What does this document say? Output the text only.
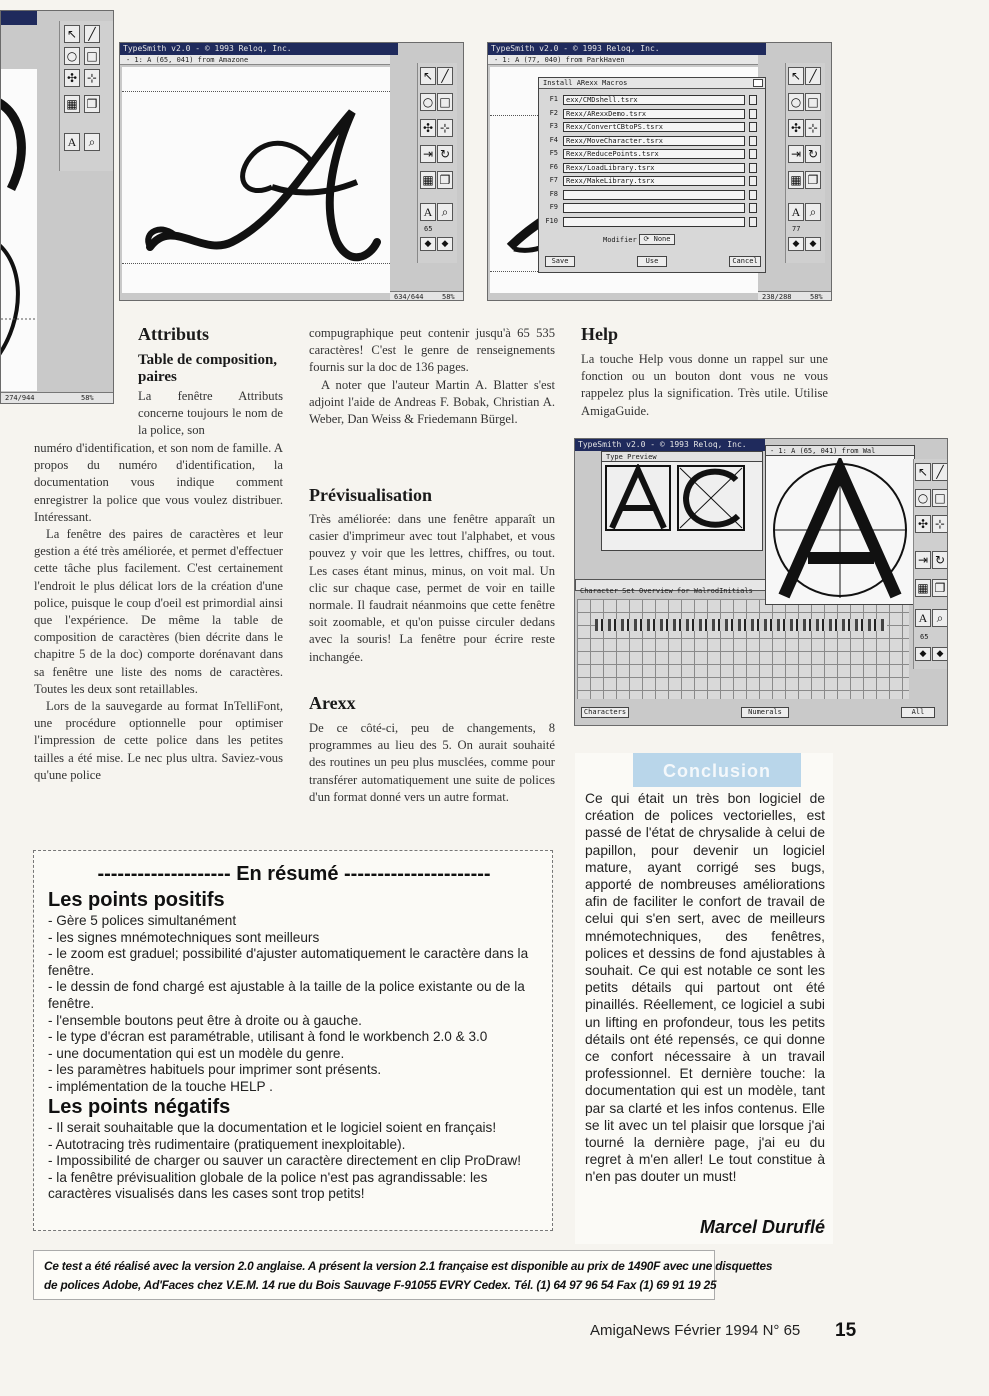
↖ ╱
○ □
✣ ⊹
▦ ❐
A	⌕
274/944	58%
TypeSmith v2.0 - © 1993 Reloq, Inc.
- 1: A (65, 041) from Amazone
↖ ╱
○ □
✣ ⊹
⇥ ↻
▦ ❐
A ⌕
65
◆	◆
634/644	58%
TypeSmith v2.0 - © 1993 Reloq, Inc.
- 1: A (77, 040) from ParkHaven
Install ARexx Macros
F1	exx/CMDshell.tsrx
F2	Rexx/ARexxDemo.tsrx
F3	Rexx/ConvertCBtoPS.tsrx
F4	Rexx/MoveCharacter.tsrx
F5	Rexx/ReducePoints.tsrx
F6	Rexx/LoadLibrary.tsrx
F7	Rexx/MakeLibrary.tsrx
F8
F9
F10
Modifier ⟳ None
Save	Use	Cancel
↖ ╱
○ □
✣ ⊹
⇥ ↻
▦ ❐
A ⌕
77
◆	◆
238/288	58%
Attributs
Table de composition, paires
La fenêtre Attributs concerne toujours le nom de la police, son

numéro d'identification, et son nom de famille. A propos du numéro d'identification, la documentation vous indique comment enregistrer la police que vous voulez distribuer. Intéressant.

La fenêtre des paires de caractères et leur gestion a été très améliorée, et permet d'effectuer cette tâche plus facilement. C'est certainement l'endroit le plus délicat lors de la création d'une police, puisque le coup d'oeil est primordial ainsi que l'expérience. De même la table de composition de caractères (bien décrite dans le chapitre 5 de la doc) comporte dorénavant dans sa fenêtre une liste des noms de caractères. Toutes les deux sont retaillables.

Lors de la sauvegarde au format InTelliFont, une procédure optionnelle pour optimiser l'impression de cette police dans les petites tailles a été mise. Le nec plus ultra. Saviez-vous qu'une police

compugraphique peut contenir jusqu'à 65 535 caractères! C'est le genre de renseignements fournis sur la doc de 136 pages.

A noter que l'auteur Martin A. Blatter s'est adjoint l'aide de Andreas F. Bobak, Christian A. Weber, Dan Weiss & Friedemann Bürgel.

Prévisualisation

Très améliorée: dans une fenêtre apparaît un casier d'imprimeur avec tout l'alphabet, et vous pouvez y voir que les lettres, chiffres, ou tout. Les cases étant minus, minus, on voit mal. Un clic sur chaque case, permet de voir en taille normale. Il faudrait néanmoins que cette fenêtre soit zoomable, et qu'on puisse circuler dedans avec la souris! La fenêtre pour écrire reste inchangée.

Arexx

De ce côté-ci, peu de changements, 8 programmes au lieu des 5. On aurait souhaité des routines un peu plus musclées, comme pour transférer automatiquement une suite de polices d'un format donné vers un autre format.

Help

La touche Help vous donne un rappel sur une fonction ou un bouton dont vous ne vous rappelez plus la signification. Très utile. Utilise AmigaGuide.

TypeSmith v2.0 - © 1993 Reloq, Inc.
Character Set Overview for WalrodInitials
Characters	Numerals	All
Type Preview
- 1: A (65, 041) from Wal
↖ ╱
○ □
✣ ⊹
⇥ ↻
▦ ❐
A ⌕
65
◆	◆
-------------------- En résumé ----------------------
Les points positifs
- Gère 5 polices simultanément
- les signes mnémotechniques sont meilleurs
- le zoom est graduel; possibilité d'ajuster automatiquement le caractère dans la fenêtre.
- le dessin de fond chargé est ajustable à la taille de la police existante ou de la fenêtre.
- l'ensemble boutons peut être à droite ou à gauche.
- le type d'écran est paramétrable, utilisant à fond le workbench 2.0 & 3.0
- une documentation qui est un modèle du genre.
- les paramètres habituels pour imprimer sont présents.
- implémentation de la touche HELP .
Les points négatifs
- Il serait souhaitable que la documentation et le logiciel soient en français!
- Autotracing très rudimentaire (pratiquement inexploitable).
- Impossibilité de charger ou sauver un caractère directement en clip ProDraw!
- la fenêtre prévisualition globale de la police n'est pas agrandissable: les caractères visualisés dans les cases sont trop petits!
Conclusion
Ce qui était un très bon logiciel de création de polices vectorielles, est passé de l'état de chrysalide à celui de papillon, pour devenir un logiciel mature, ayant corrigé ses bugs, apporté de nombreuses améliorations afin de faciliter le confort de travail de celui qui s'en sert, avec de meilleurs mnémotechniques, des fenêtres, polices et dessins de fond ajustables à souhait. Ce qui est notable ce sont les petits détails qui partout ont été pinaillés. Réellement, ce logiciel a subi un lifting en profondeur, tous les petits détails ont été repensés, ce qui donne ce confort nécessaire à un travail professionnel. Et dernière touche: la documentation qui est un modèle, tant par sa clarté et les infos contenus. Elle se lit avec un tel plaisir que lorsque j'ai tourné la dernière page, j'ai eu du regret à m'en aller! Le tout constitue à n'en pas douter un must!
Marcel Duruflé
Ce test a été réalisé avec la version 2.0 anglaise. A présent la version 2.1 française est disponible au prix de 1490F avec une disquettes
de polices Adobe, Ad'Faces chez V.E.M. 14 rue du Bois Sauvage F-91055 EVRY Cedex. Tél. (1) 64 97 96 54 Fax (1) 69 91 19 25
AmigaNews Février 1994 N° 65 15
